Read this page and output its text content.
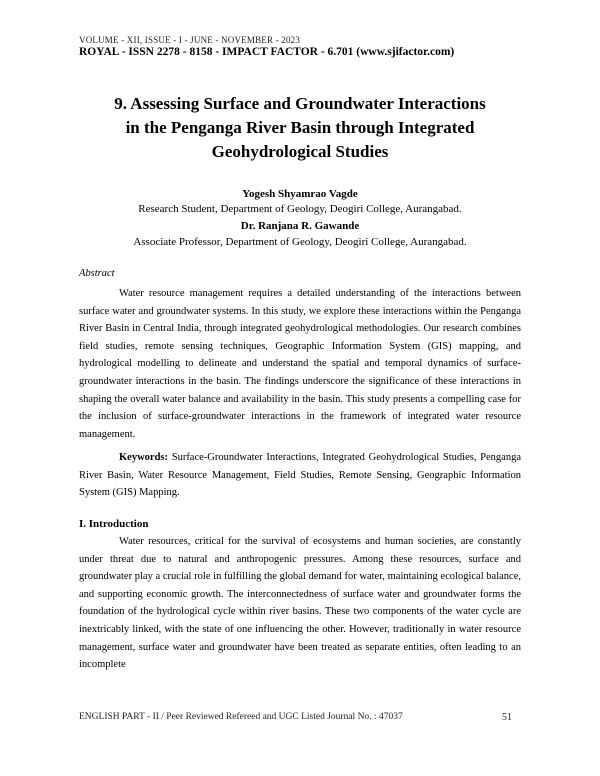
VOLUME - XII, ISSUE - I - JUNE - NOVEMBER - 2023
ROYAL - ISSN 2278 - 8158 - IMPACT FACTOR - 6.701 (www.sjifactor.com)
9. Assessing Surface and Groundwater Interactions
in the Penganga River Basin through Integrated
Geohydrological Studies
Yogesh Shyamrao Vagde
Research Student, Department of Geology, Deogiri College, Aurangabad.
Dr. Ranjana R. Gawande
Associate Professor, Department of Geology, Deogiri College, Aurangabad.
Abstract

Water resource management requires a detailed understanding of the interactions between surface water and groundwater systems. In this study, we explore these interactions within the Penganga River Basin in Central India, through integrated geohydrological methodologies. Our research combines field studies, remote sensing techniques, Geographic Information System (GIS) mapping, and hydrological modelling to delineate and understand the spatial and temporal dynamics of surface-groundwater interactions in the basin. The findings underscore the significance of these interactions in shaping the overall water balance and availability in the basin. This study presents a compelling case for the inclusion of surface-groundwater interactions in the framework of integrated water resource management.

Keywords: Surface-Groundwater Interactions, Integrated Geohydrological Studies, Penganga River Basin, Water Resource Management, Field Studies, Remote Sensing, Geographic Information System (GIS) Mapping.

I. Introduction

Water resources, critical for the survival of ecosystems and human societies, are constantly under threat due to natural and anthropogenic pressures. Among these resources, surface and groundwater play a crucial role in fulfilling the global demand for water, maintaining ecological balance, and supporting economic growth. The interconnectedness of surface water and groundwater forms the foundation of the hydrological cycle within river basins. These two components of the water cycle are inextricably linked, with the state of one influencing the other. However, traditionally in water resource management, surface water and groundwater have been treated as separate entities, often leading to an incomplete

ENGLISH PART - II / Peer Reviewed Refereed and UGC Listed Journal No. : 47037	51
